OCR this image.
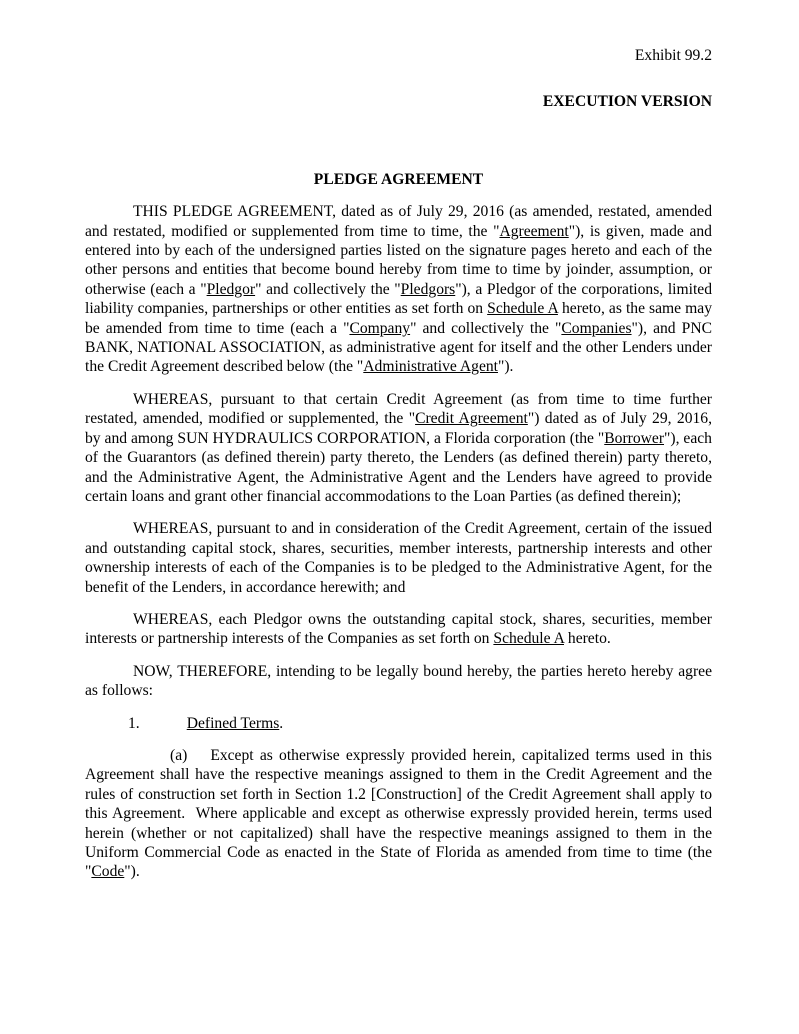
Exhibit 99.2
EXECUTION VERSION
PLEDGE AGREEMENT

THIS PLEDGE AGREEMENT, dated as of July 29, 2016 (as amended, restated, amended and restated, modified or supplemented from time to time, the "Agreement"), is given, made and entered into by each of the undersigned parties listed on the signature pages hereto and each of the other persons and entities that become bound hereby from time to time by joinder, assumption, or otherwise (each a "Pledgor" and collectively the "Pledgors"), a Pledgor of the corporations, limited liability companies, partnerships or other entities as set forth on Schedule A hereto, as the same may be amended from time to time (each a "Company" and collectively the "Companies"), and PNC BANK, NATIONAL ASSOCIATION, as administrative agent for itself and the other Lenders under the Credit Agreement described below (the "Administrative Agent").

WHEREAS, pursuant to that certain Credit Agreement (as from time to time further restated, amended, modified or supplemented, the "Credit Agreement") dated as of July 29, 2016, by and among SUN HYDRAULICS CORPORATION, a Florida corporation (the "Borrower"), each of the Guarantors (as defined therein) party thereto, the Lenders (as defined therein) party thereto, and the Administrative Agent, the Administrative Agent and the Lenders have agreed to provide certain loans and grant other financial accommodations to the Loan Parties (as defined therein);

WHEREAS, pursuant to and in consideration of the Credit Agreement, certain of the issued and outstanding capital stock, shares, securities, member interests, partnership interests and other ownership interests of each of the Companies is to be pledged to the Administrative Agent, for the benefit of the Lenders, in accordance herewith; and

WHEREAS, each Pledgor owns the outstanding capital stock, shares, securities, member interests or partnership interests of the Companies as set forth on Schedule A hereto.

NOW, THEREFORE, intending to be legally bound hereby, the parties hereto hereby agree as follows:

1.	Defined Terms.

(a) Except as otherwise expressly provided herein, capitalized terms used in this Agreement shall have the respective meanings assigned to them in the Credit Agreement and the rules of construction set forth in Section 1.2 [Construction] of the Credit Agreement shall apply to this Agreement.  Where applicable and except as otherwise expressly provided herein, terms used herein (whether or not capitalized) shall have the respective meanings assigned to them in the Uniform Commercial Code as enacted in the State of Florida as amended from time to time (the "Code").
